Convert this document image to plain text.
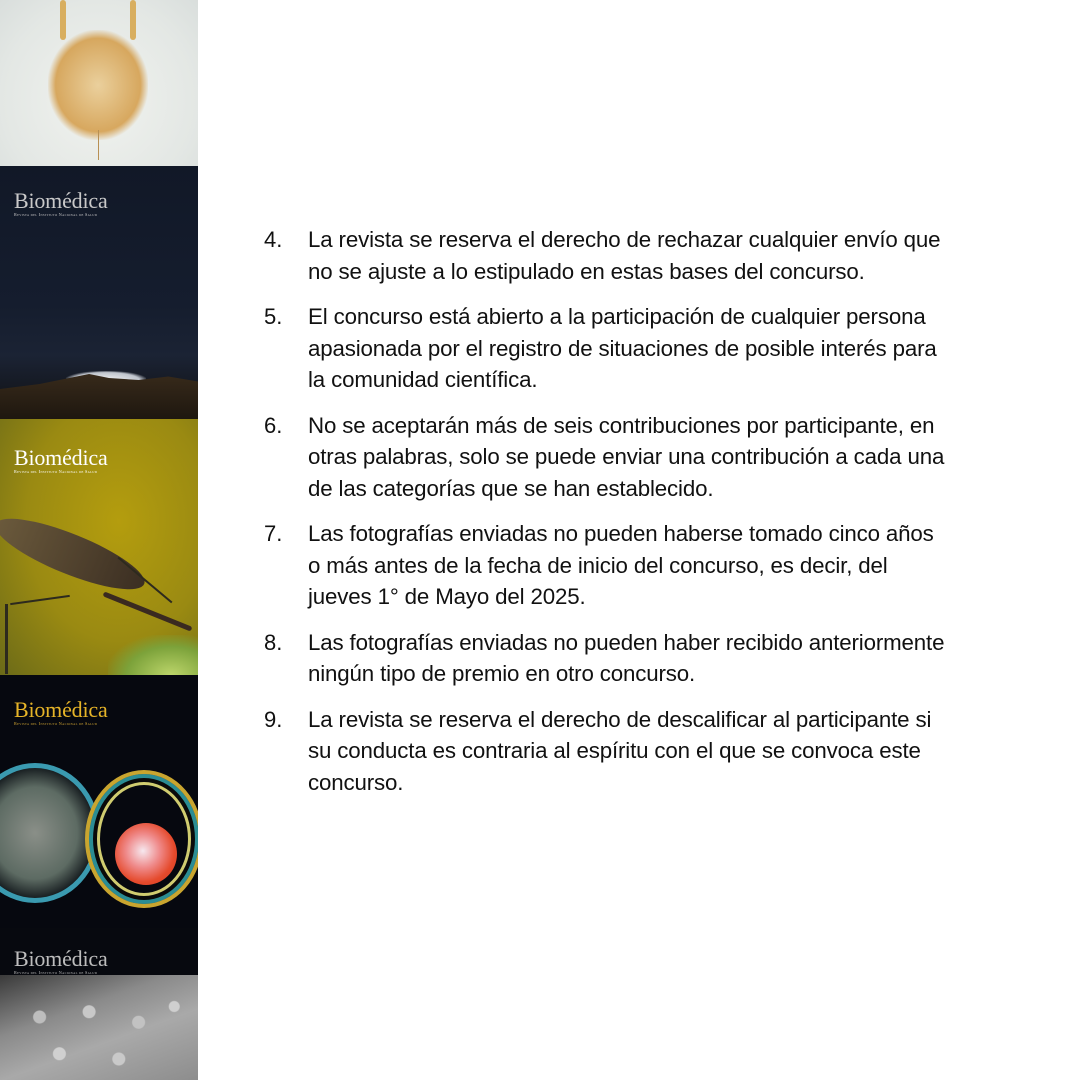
Biomédica
Revista del Instituto Nacional de Salud
Biomédica
Revista del Instituto Nacional de Salud
Biomédica
Revista del Instituto Nacional de Salud
Biomédica
Revista del Instituto Nacional de Salud
4.	La revista se reserva el derecho de rechazar cualquier envío que no se ajuste a lo estipulado en estas bases del concurso.
5.	El concurso está abierto a la participación de cualquier persona apasionada por el registro de situaciones de posible interés para la comunidad científica.
6.	No se aceptarán más de seis contribuciones por participante, en otras palabras, solo se puede enviar una contribución a cada una de las categorías que se han establecido.
7.	Las fotografías enviadas no pueden haberse tomado cinco años o más antes de la fecha de inicio del concurso, es decir, del jueves 1° de Mayo del 2025.
8.	Las fotografías enviadas no pueden haber recibido anteriormente ningún tipo de premio en otro concurso.
9.	La revista se reserva el derecho de descalificar al participante si su conducta es contraria al espíritu con el que se convoca este concurso.
